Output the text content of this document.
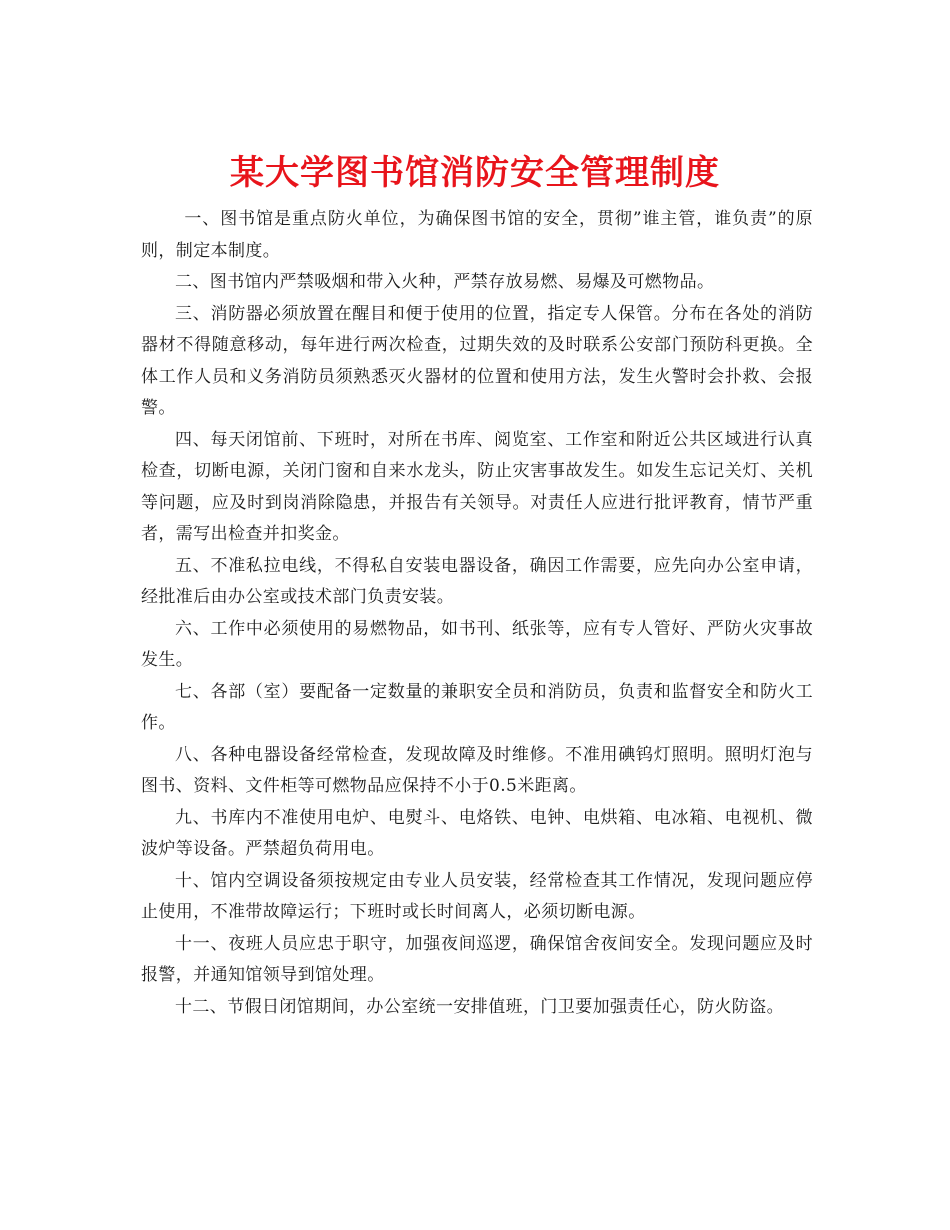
某大学图书馆消防安全管理制度

一、图书馆是重点防火单位，为确保图书馆的安全，贯彻”谁主管，谁负责”的原则，制定本制度。

二、图书馆内严禁吸烟和带入火种，严禁存放易燃、易爆及可燃物品。

三、消防器必须放置在醒目和便于使用的位置，指定专人保管。分布在各处的消防器材不得随意移动，每年进行两次检查，过期失效的及时联系公安部门预防科更换。全体工作人员和义务消防员须熟悉灭火器材的位置和使用方法，发生火警时会扑救、会报警。

四、每天闭馆前、下班时，对所在书库、阅览室、工作室和附近公共区域进行认真检查，切断电源，关闭门窗和自来水龙头，防止灾害事故发生。如发生忘记关灯、关机等问题，应及时到岗消除隐患，并报告有关领导。对责任人应进行批评教育，情节严重者，需写出检查并扣奖金。

五、不准私拉电线，不得私自安装电器设备，确因工作需要，应先向办公室申请，经批准后由办公室或技术部门负责安装。

六、工作中必须使用的易燃物品，如书刊、纸张等，应有专人管好、严防火灾事故发生。

七、各部（室）要配备一定数量的兼职安全员和消防员，负责和监督安全和防火工作。

八、各种电器设备经常检查，发现故障及时维修。不准用碘钨灯照明。照明灯泡与图书、资料、文件柜等可燃物品应保持不小于0.5米距离。

九、书库内不准使用电炉、电熨斗、电烙铁、电钟、电烘箱、电冰箱、电视机、微波炉等设备。严禁超负荷用电。

十、馆内空调设备须按规定由专业人员安装，经常检查其工作情况，发现问题应停止使用，不准带故障运行；下班时或长时间离人，必须切断电源。

十一、夜班人员应忠于职守，加强夜间巡逻，确保馆舍夜间安全。发现问题应及时报警，并通知馆领导到馆处理。

十二、节假日闭馆期间，办公室统一安排值班，门卫要加强责任心，防火防盗。
